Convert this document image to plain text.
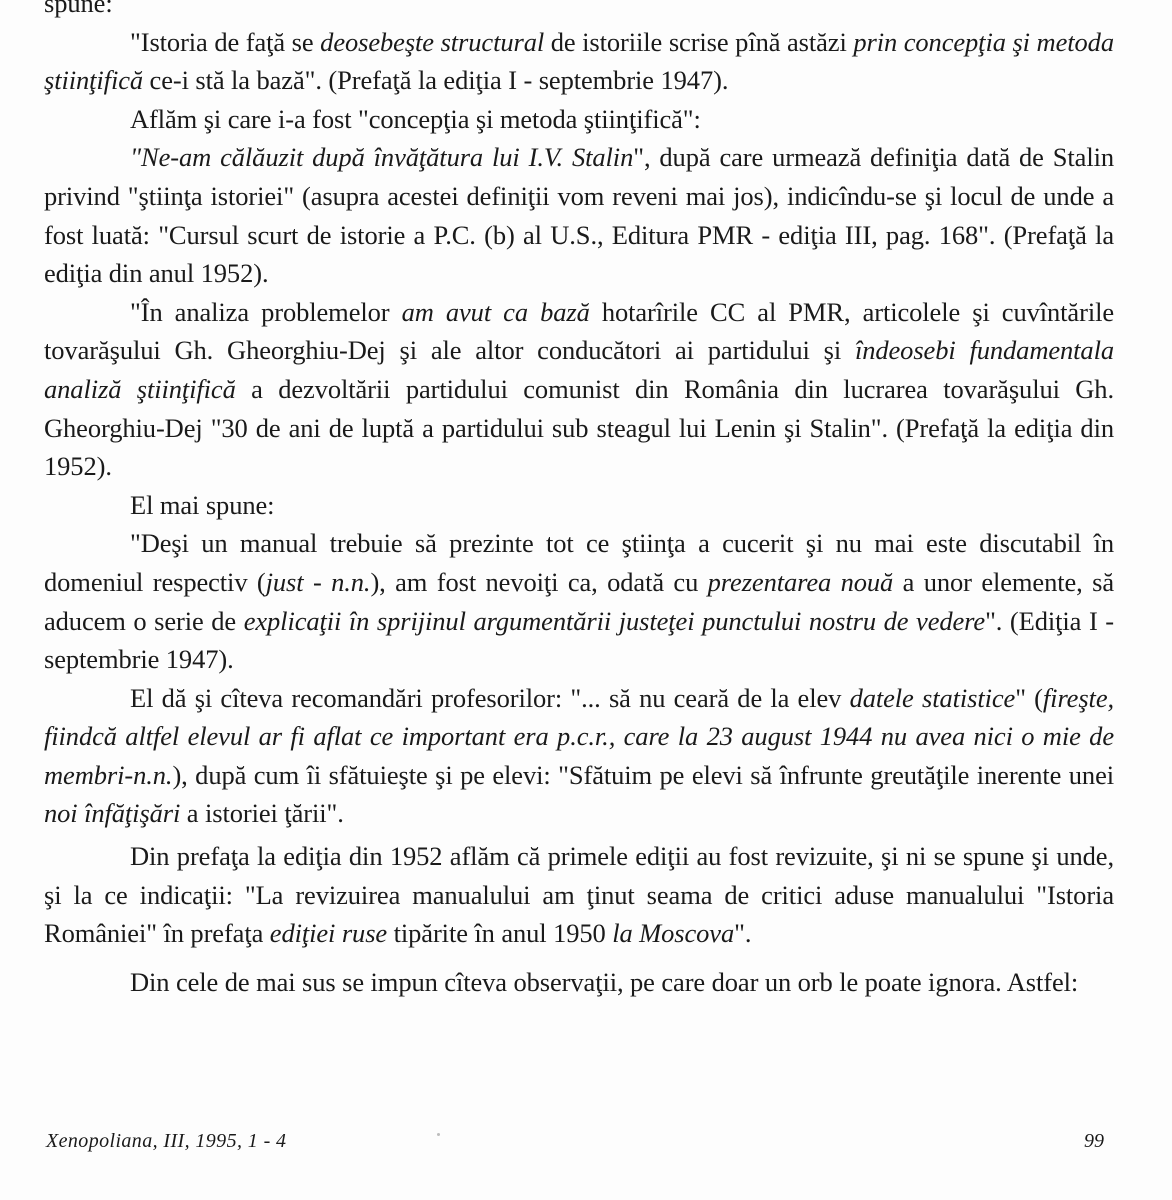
spune:

"Istoria de faţă se deosebeşte structural de istoriile scrise pînă astăzi prin concepţia şi metoda ştiinţifică ce-i stă la bază". (Prefaţă la ediţia I - septembrie 1947).

Aflăm şi care i-a fost "concepţia şi metoda ştiinţifică":

"Ne-am călăuzit după învăţătura lui I.V. Stalin", după care urmează definiţia dată de Stalin privind "ştiinţa istoriei" (asupra acestei definiţii vom reveni mai jos), indicîndu-se şi locul de unde a fost luată: "Cursul scurt de istorie a P.C. (b) al U.S., Editura PMR - ediţia III, pag. 168". (Prefaţă la ediţia din anul 1952).

"În analiza problemelor am avut ca bază hotarîrile CC al PMR, articolele şi cuvîntările tovarăşului Gh. Gheorghiu-Dej şi ale altor conducători ai partidului şi îndeosebi fundamentala analiză ştiinţifică a dezvoltării partidului comunist din România din lucrarea tovarăşului Gh. Gheorghiu-Dej "30 de ani de luptă a partidului sub steagul lui Lenin şi Stalin". (Prefaţă la ediţia din 1952).

El mai spune:

"Deşi un manual trebuie să prezinte tot ce ştiinţa a cucerit şi nu mai este discutabil în domeniul respectiv (just - n.n.), am fost nevoiţi ca, odată cu prezentarea nouă a unor elemente, să aducem o serie de explicaţii în sprijinul argumentării justeţei punctului nostru de vedere". (Ediţia I - septembrie 1947).

El dă şi cîteva recomandări profesorilor: "... să nu ceară de la elev datele statistice" (fireşte, fiindcă altfel elevul ar fi aflat ce important era p.c.r., care la 23 august 1944 nu avea nici o mie de membri-n.n.), după cum îi sfătuieşte şi pe elevi: "Sfătuim pe elevi să înfrunte greutăţile inerente unei noi înfăţişări a istoriei ţării".

Din prefaţa la ediţia din 1952 aflăm că primele ediţii au fost revizuite, şi ni se spune şi unde, şi la ce indicaţii: "La revizuirea manualului am ţinut seama de critici aduse manualului "Istoria României" în prefaţa ediţiei ruse tipărite în anul 1950 la Moscova".

Din cele de mai sus se impun cîteva observaţii, pe care doar un orb le poate ignora. Astfel:

Xenopoliana, III, 1995, 1 - 4	99
